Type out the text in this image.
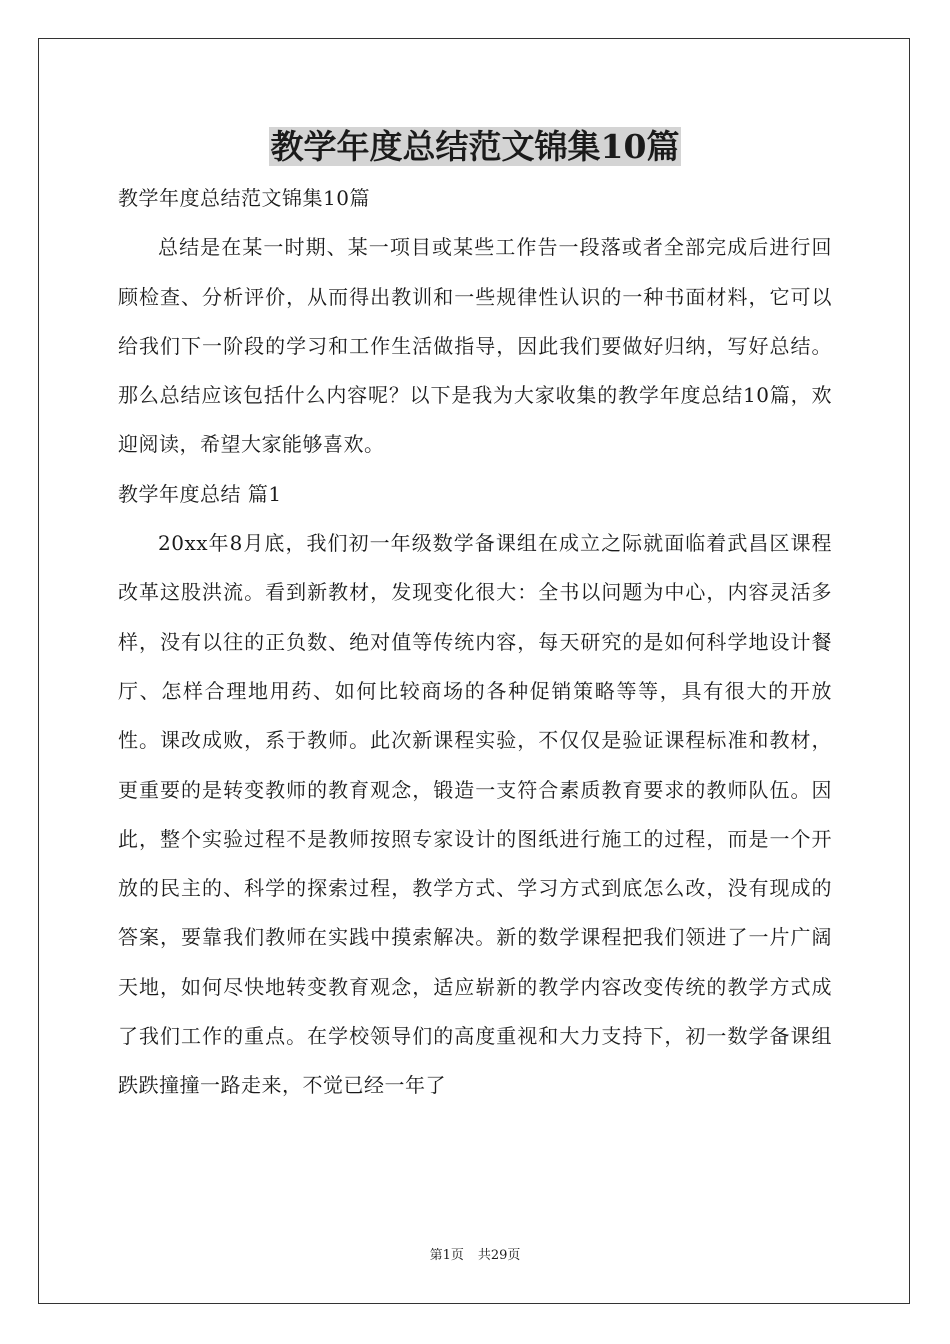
教学年度总结范文锦集10篇

教学年度总结范文锦集10篇

总结是在某一时期、某一项目或某些工作告一段落或者全部完成后进行回顾检查、分析评价，从而得出教训和一些规律性认识的一种书面材料，它可以给我们下一阶段的学习和工作生活做指导，因此我们要做好归纳，写好总结。那么总结应该包括什么内容呢？以下是我为大家收集的教学年度总结10篇，欢迎阅读，希望大家能够喜欢。

教学年度总结 篇1

20xx年8月底，我们初一年级数学备课组在成立之际就面临着武昌区课程改革这股洪流。看到新教材，发现变化很大：全书以问题为中心，内容灵活多样，没有以往的正负数、绝对值等传统内容，每天研究的是如何科学地设计餐厅、怎样合理地用药、如何比较商场的各种促销策略等等，具有很大的开放性。课改成败，系于教师。此次新课程实验，不仅仅是验证课程标准和教材，更重要的是转变教师的教育观念，锻造一支符合素质教育要求的教师队伍。因此，整个实验过程不是教师按照专家设计的图纸进行施工的过程，而是一个开放的民主的、科学的探索过程，教学方式、学习方式到底怎么改，没有现成的答案，要靠我们教师在实践中摸索解决。新的数学课程把我们领进了一片广阔天地，如何尽快地转变教育观念，适应崭新的教学内容改变传统的教学方式成了我们工作的重点。在学校领导们的高度重视和大力支持下，初一数学备课组跌跌撞撞一路走来，不觉已经一年了

第1页 共29页
